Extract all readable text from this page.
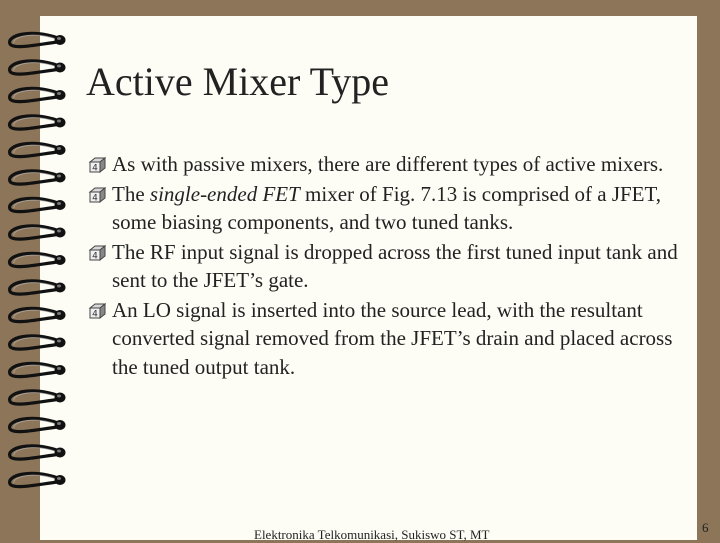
Active Mixer Type
4 As with passive mixers, there are different types of active mixers.
4 The single-ended FET mixer of Fig. 7.13 is comprised of a JFET, some biasing components, and two tuned tanks.
4 The RF input signal is dropped across the first tuned input tank and sent to the JFET’s gate.
4 An LO signal is inserted into the source lead, with the resultant converted signal removed from the JFET’s drain and placed across the tuned output tank.
Elektronika Telkomunikasi, Sukiswo ST, MT	6
